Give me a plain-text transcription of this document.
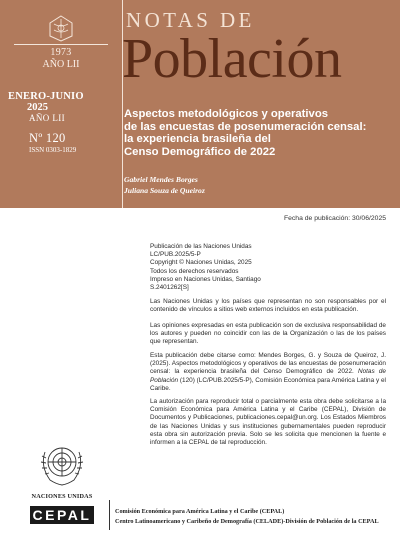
1973
AÑO LII
ENERO-JUNIO
2025
AÑO LII
Nº 120
ISSN 0303-1829
NOTAS DE
Población
Aspectos metodológicos y operativos
de las encuestas de posenumeración censal:
la experiencia brasileña del
Censo Demográfico de 2022
Gabriel Mendes Borges
Juliana Souza de Queiroz
Fecha de publicación: 30/06/2025
Publicación de las Naciones Unidas
LC/PUB.2025/5-P
Copyright © Naciones Unidas, 2025
Todos los derechos reservados
Impreso en Naciones Unidas, Santiago
S.2401262[S]
Las Naciones Unidas y los países que representan no son responsables por el contenido de vínculos a sitios web externos incluidos en esta publicación.
Las opiniones expresadas en esta publicación son de exclusiva responsabilidad de los autores y pueden no coincidir con las de la Organización o las de los países que representan.
Esta publicación debe citarse como: Mendes Borges, G. y Souza de Queiroz, J. (2025). Aspectos metodológicos y operativos de las encuestas de posenumeración censal: la experiencia brasileña del Censo Demográfico de 2022. Notas de Población (120) (LC/PUB.2025/5-P), Comisión Económica para América Latina y el Caribe.
La autorización para reproducir total o parcialmente esta obra debe solicitarse a la Comisión Económica para América Latina y el Caribe (CEPAL), División de Documentos y Publicaciones, publicaciones.cepal@un.org. Los Estados Miembros de las Naciones Unidas y sus instituciones gubernamentales pueden reproducir esta obra sin autorización previa. Solo se les solicita que mencionen la fuente e informen a la CEPAL de tal reproducción.
NACIONES UNIDAS
CEPAL	Comisión Económica para América Latina y el Caribe (CEPAL)
Centro Latinoamericano y Caribeño de Demografía (CELADE)-División de Población de la CEPAL
